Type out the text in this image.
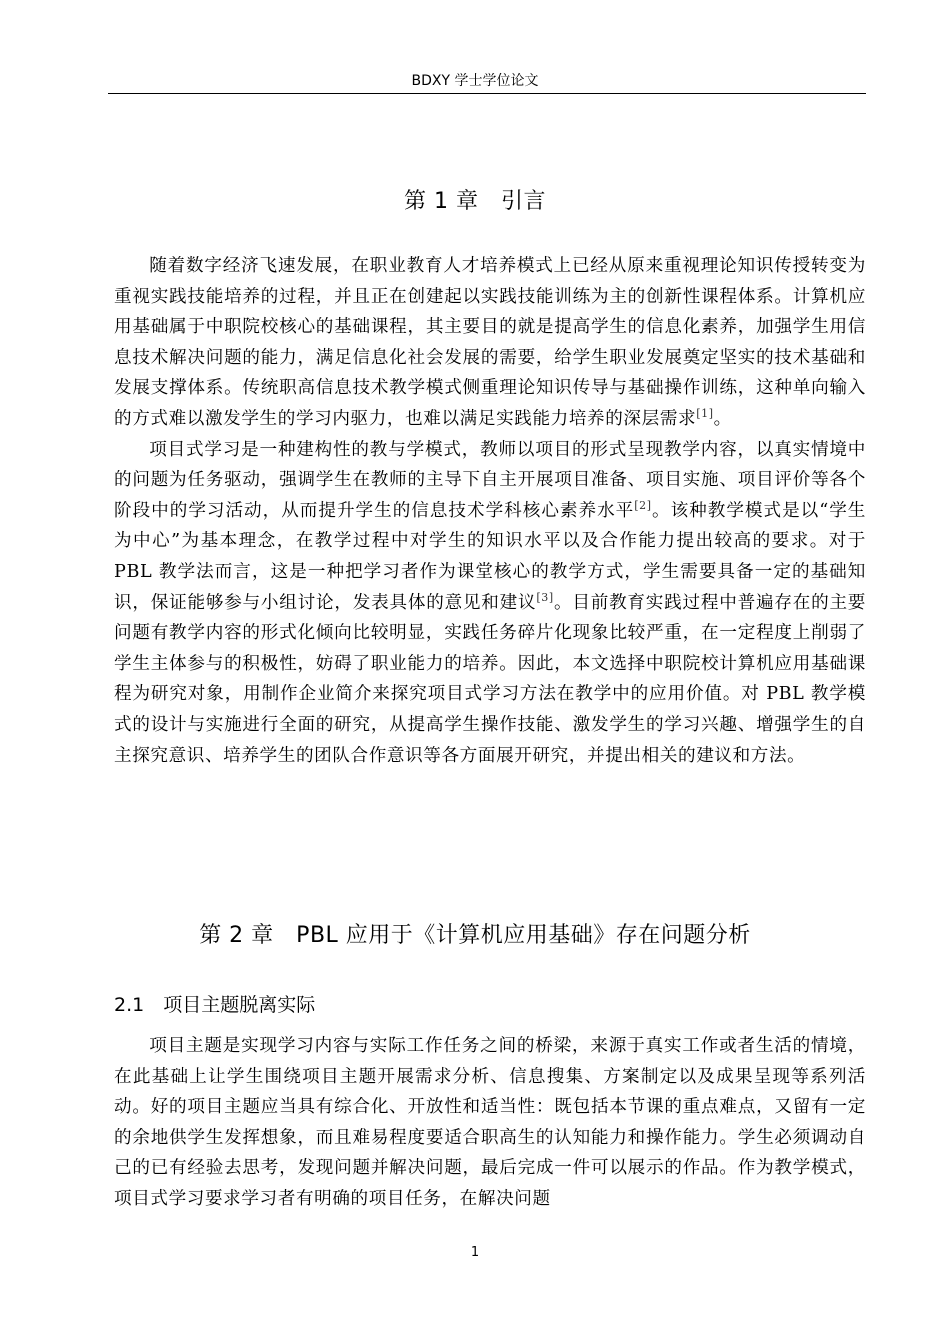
BDXY 学士学位论文
第 1 章　引言

随着数字经济飞速发展，在职业教育人才培养模式上已经从原来重视理论知识传授转变为重视实践技能培养的过程，并且正在创建起以实践技能训练为主的创新性课程体系。计算机应用基础属于中职院校核心的基础课程，其主要目的就是提高学生的信息化素养，加强学生用信息技术解决问题的能力，满足信息化社会发展的需要，给学生职业发展奠定坚实的技术基础和发展支撑体系。传统职高信息技术教学模式侧重理论知识传导与基础操作训练，这种单向输入的方式难以激发学生的学习内驱力，也难以满足实践能力培养的深层需求[1]。

项目式学习是一种建构性的教与学模式，教师以项目的形式呈现教学内容，以真实情境中的问题为任务驱动，强调学生在教师的主导下自主开展项目准备、项目实施、项目评价等各个阶段中的学习活动，从而提升学生的信息技术学科核心素养水平[2]。该种教学模式是以“学生为中心”为基本理念，在教学过程中对学生的知识水平以及合作能力提出较高的要求。对于 PBL 教学法而言，这是一种把学习者作为课堂核心的教学方式，学生需要具备一定的基础知识，保证能够参与小组讨论，发表具体的意见和建议[3]。目前教育实践过程中普遍存在的主要问题有教学内容的形式化倾向比较明显，实践任务碎片化现象比较严重，在一定程度上削弱了学生主体参与的积极性，妨碍了职业能力的培养。因此，本文选择中职院校计算机应用基础课程为研究对象，用制作企业简介来探究项目式学习方法在教学中的应用价值。对 PBL 教学模式的设计与实施进行全面的研究，从提高学生操作技能、激发学生的学习兴趣、增强学生的自主探究意识、培养学生的团队合作意识等各方面展开研究，并提出相关的建议和方法。

第 2 章　PBL 应用于《计算机应用基础》存在问题分析
2.1　项目主题脱离实际

项目主题是实现学习内容与实际工作任务之间的桥梁，来源于真实工作或者生活的情境，在此基础上让学生围绕项目主题开展需求分析、信息搜集、方案制定以及成果呈现等系列活动。好的项目主题应当具有综合化、开放性和适当性：既包括本节课的重点难点，又留有一定的余地供学生发挥想象，而且难易程度要适合职高生的认知能力和操作能力。学生必须调动自己的已有经验去思考，发现问题并解决问题，最后完成一件可以展示的作品。作为教学模式，项目式学习要求学习者有明确的项目任务，在解决问题

1
